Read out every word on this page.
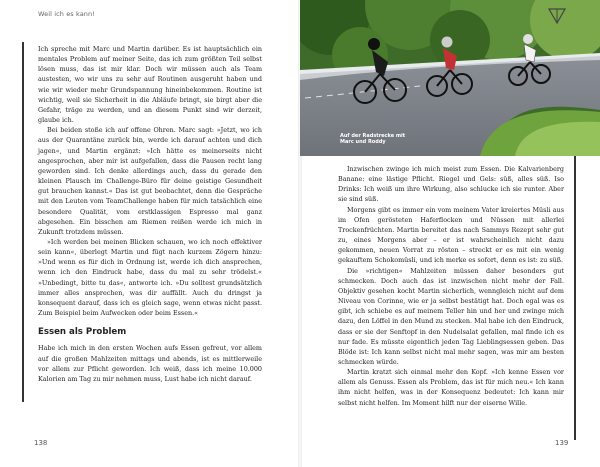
Weil ich es kann!

Ich spreche mit Marc und Martin darüber. Es ist hauptsächlich ein mentales Problem auf meiner Seite, das ich zum größten Teil selbst lösen muss, das ist mir klar. Doch wir müssen auch als Team austesten, wo wir uns zu sehr auf Routinen ausgeruht haben und wie wir wieder mehr Grundspannung hineinbekommen. Routine ist wichtig, weil sie Sicherheit in die Abläufe bringt, sie birgt aber die Gefahr, träge zu werden, und an diesem Punkt sind wir derzeit, glaube ich.

Bei beiden stoße ich auf offene Ohren. Marc sagt: »Jetzt, wo ich aus der Quarantäne zurück bin, werde ich darauf achten und dich jagen«, und Martin ergänzt: »Ich hätte es meinerseits nicht angesprochen, aber mir ist aufgefallen, dass die Pausen recht lang geworden sind. Ich denke allerdings auch, dass du gerade den kleinen Plausch im Challenge-Büro für deine geistige Gesundheit gut brauchen kannst.« Das ist gut beobachtet, denn die Gespräche mit den Leuten vom TeamChallenge haben für mich tatsächlich eine besondere Qualität, vom erstklassigen Espresso mal ganz abgesehen. Ein bisschen am Riemen reißen werde ich mich in Zukunft trotzdem müssen.

»Ich werden bei meinen Blicken schauen, wo ich noch effektiver sein kann«, überlegt Martin und fügt nach kurzem Zögern hinzu: »Und wenn es für dich in Ordnung ist, werde ich dich ansprechen, wenn ich den Eindruck habe, dass du mal zu sehr trödelst.« »Unbedingt, bitte tu das«, antworte ich. »Du solltest grundsätzlich immer alles ansprechen, was dir auffällt. Auch du dringst ja konsequent darauf, dass ich es gleich sage, wenn etwas nicht passt. Zum Beispiel beim Aufwecken oder beim Essen.«

Essen als Problem

Habe ich mich in den ersten Wochen aufs Essen gefreut, vor allem auf die großen Mahlzeiten mittags und abends, ist es mittlerweile vor allem zur Pflicht geworden. Ich weiß, dass ich meine 10.000 Kalorien am Tag zu mir nehmen muss, Lust habe ich nicht darauf.

Auf der Radstrecke mit Marc und Roddy

Inzwischen zwinge ich mich meist zum Essen. Die Kalvarienberg Banane: eine lästige Pflicht. Riegel und Gels: süß, alles süß. Iso Drinks: Ich weiß um ihre Wirkung, also schlucke ich sie runter. Aber sie sind süß.

Morgens gibt es immer ein vom meinem Vater kreiertes Müsli aus im Ofen gerösteten Haferflocken und Nüssen mit allerlei Trockenfrüchten. Martin bereitet das nach Sammys Rezept sehr gut zu, eines Morgens aber – er ist wahrscheinlich nicht dazu gekommen, neuen Vorrat zu rösten – streckt er es mit ein wenig gekauftem Schokomüsli, und ich merke es sofort, denn es ist: zu süß.

Die »richtigen« Mahlzeiten müssen daher besonders gut schmecken. Doch auch das ist inzwischen nicht mehr der Fall. Objektiv gesehen kocht Martin sicherlich, wenngleich nicht auf dem Niveau von Corinne, wie er ja selbst bestätigt hat. Doch egal was es gibt, ich schiebe es auf meinem Teller hin und her und zwinge mich dazu, den Löffel in den Mund zu stecken. Mal habe ich den Eindruck, dass er sie der Senftopf in den Nudelsalat gefallen, mal finde ich es nur fade. Es müsste eigentlich jeden Tag Lieblingsessen geben. Das Blöde ist: Ich kann selbst nicht mal mehr sagen, was mir am besten schmecken würde.

Martin kratzt sich einmal mehr den Kopf. »Ich kenne Essen vor allem als Genuss. Essen als Problem, das ist für mich neu.« Ich kann ihm nicht helfen, was in der Konsequenz bedeutet: Ich kann mir selbst nicht helfen. Im Moment hilft nur der eiserne Wille.

138	139
